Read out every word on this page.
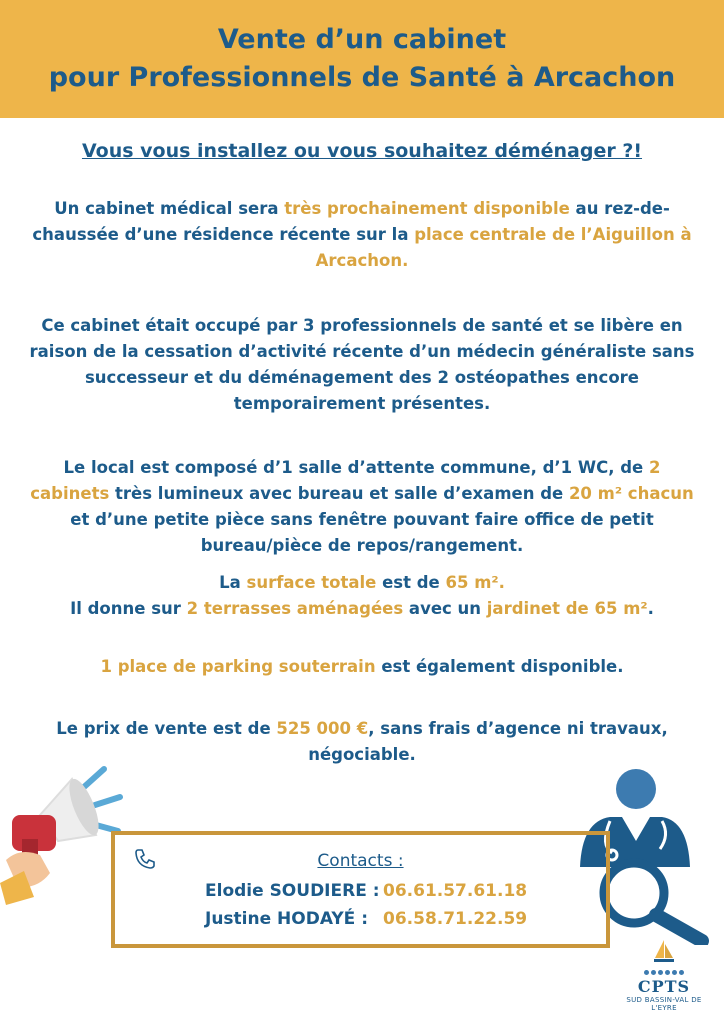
Vente d’un cabinet
pour Professionnels de Santé à Arcachon
Vous vous installez ou vous souhaitez déménager ?!
Un cabinet médical sera très prochainement disponible au rez-de-chaussée d’une résidence récente sur la place centrale de l’Aiguillon à Arcachon.
Ce cabinet était occupé par 3 professionnels de santé et se libère en raison de la cessation d’activité récente d’un médecin généraliste sans successeur et du déménagement des 2 ostéopathes encore temporairement présentes.
Le local est composé d’1 salle d’attente commune, d’1 WC, de 2 cabinets très lumineux avec bureau et salle d’examen de 20 m² chacun et d’une petite pièce sans fenêtre pouvant faire office de petit bureau/pièce de repos/rangement.
La surface totale est de 65 m².
Il donne sur 2 terrasses aménagées avec un jardinet de 65 m².
1 place de parking souterrain est également disponible.
Le prix de vente est de 525 000 €, sans frais d’agence ni travaux, négociable.
Contacts :
Elodie SOUDIERE : 06.61.57.61.18
Justine HODAYÉ : 06.58.71.22.59
CPTS
SUD BASSIN-VAL DE L'EYRE
